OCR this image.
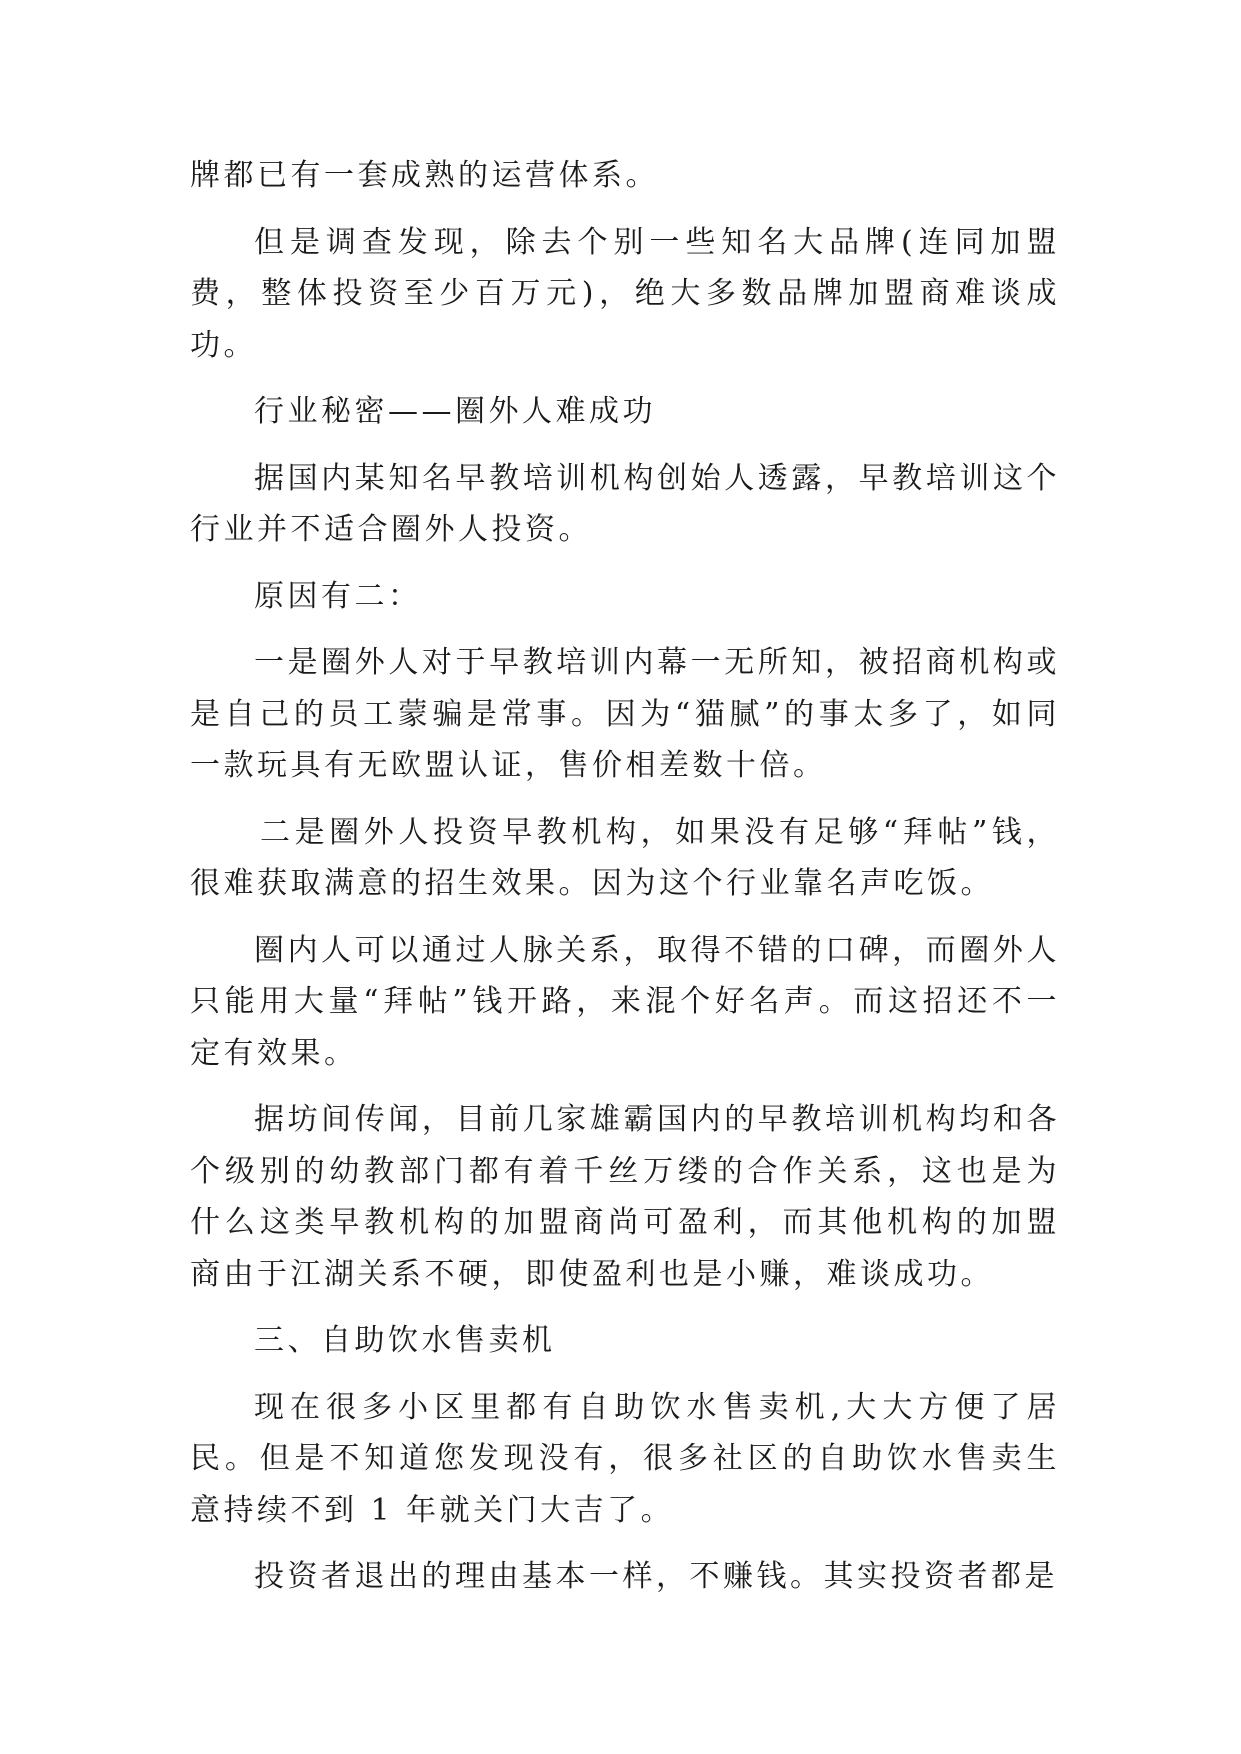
牌都已有一套成熟的运营体系。

但是调查发现，除去个别一些知名大品牌(连同加盟费，整体投资至少百万元)，绝大多数品牌加盟商难谈成功。

行业秘密——圈外人难成功

据国内某知名早教培训机构创始人透露，早教培训这个行业并不适合圈外人投资。

原因有二：

一是圈外人对于早教培训内幕一无所知，被招商机构或是自己的员工蒙骗是常事。因为“猫腻”的事太多了，如同一款玩具有无欧盟认证，售价相差数十倍。

二是圈外人投资早教机构，如果没有足够“拜帖”钱，很难获取满意的招生效果。因为这个行业靠名声吃饭。

圈内人可以通过人脉关系，取得不错的口碑，而圈外人只能用大量“拜帖”钱开路，来混个好名声。而这招还不一定有效果。

据坊间传闻，目前几家雄霸国内的早教培训机构均和各个级别的幼教部门都有着千丝万缕的合作关系，这也是为什么这类早教机构的加盟商尚可盈利，而其他机构的加盟商由于江湖关系不硬，即使盈利也是小赚，难谈成功。

三、自助饮水售卖机

现在很多小区里都有自助饮水售卖机,大大方便了居民。但是不知道您发现没有，很多社区的自助饮水售卖生意持续不到 1 年就关门大吉了。

投资者退出的理由基本一样，不赚钱。其实投资者都是
